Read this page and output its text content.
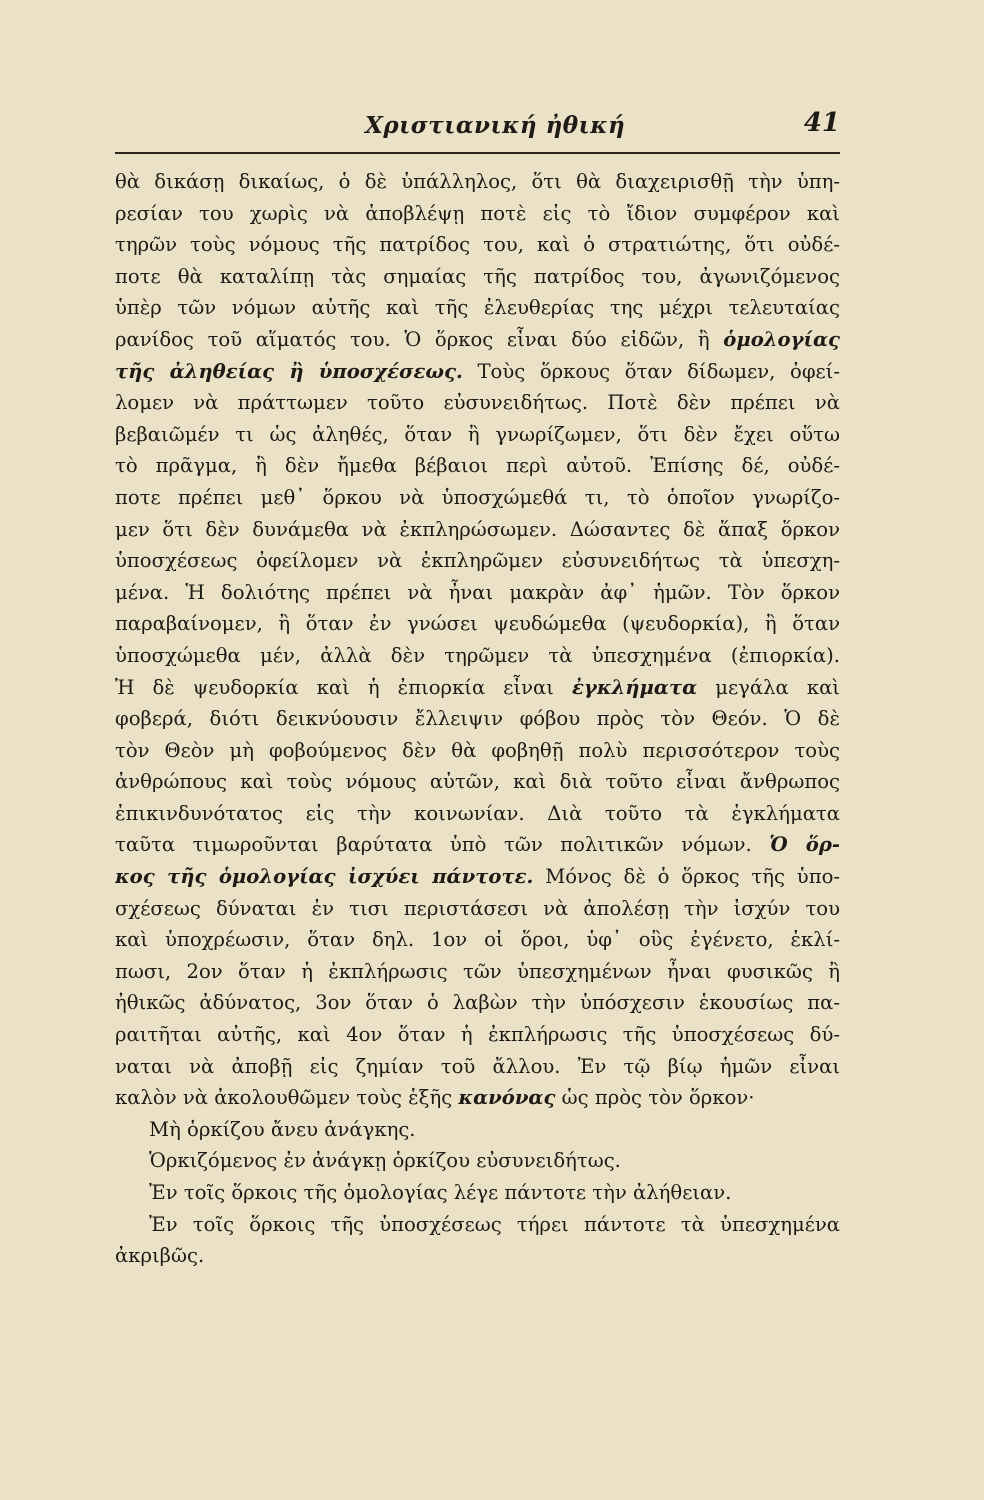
Χριστιανική ἠθική	41
θὰ δικάσῃ δικαίως, ὁ δὲ ὑπάλληλος, ὅτι θὰ διαχειρισθῇ τὴν ὑπη-
ρεσίαν του χωρὶς νὰ ἀποβλέψῃ ποτὲ εἰς τὸ ἴδιον συμφέρον καὶ
τηρῶν τοὺς νόμους τῆς πατρίδος του, καὶ ὁ στρατιώτης, ὅτι οὐδέ-
ποτε θὰ καταλίπῃ τὰς σημαίας τῆς πατρίδος του, ἀγωνιζόμενος
ὑπὲρ τῶν νόμων αὐτῆς καὶ τῆς ἐλευθερίας της μέχρι τελευταίας
ρανίδος τοῦ αἵματός του. Ὁ ὅρκος εἶναι δύο εἰδῶν, ἢ ὁμολογίας
τῆς ἀληθείας ἢ ὑποσχέσεως. Τοὺς ὅρκους ὅταν δίδωμεν, ὀφεί-
λομεν νὰ πράττωμεν τοῦτο εὐσυνειδήτως. Ποτὲ δὲν πρέπει νὰ
βεβαιῶμέν τι ὡς ἀληθές, ὅταν ἢ γνωρίζωμεν, ὅτι δὲν ἔχει οὕτω
τὸ πρᾶγμα, ἢ δὲν ἤμεθα βέβαιοι περὶ αὐτοῦ. Ἐπίσης δέ, οὐδέ-
ποτε πρέπει μεθ᾽ ὅρκου νὰ ὑποσχώμεθά τι, τὸ ὁποῖον γνωρίζο-
μεν ὅτι δὲν δυνάμεθα νὰ ἐκπληρώσωμεν. Δώσαντες δὲ ἅπαξ ὅρκον
ὑποσχέσεως ὀφείλομεν νὰ ἐκπληρῶμεν εὐσυνειδήτως τὰ ὑπεσχη-
μένα. Ἡ δολιότης πρέπει νὰ ἦναι μακρὰν ἀφ᾽ ἡμῶν. Τὸν ὅρκον
παραβαίνομεν, ἢ ὅταν ἐν γνώσει ψευδώμεθα (ψευδορκία), ἢ ὅταν
ὑποσχώμεθα μέν, ἀλλὰ δὲν τηρῶμεν τὰ ὑπεσχημένα (ἐπιορκία).
Ἡ δὲ ψευδορκία καὶ ἡ ἐπιορκία εἶναι ἐγκλήματα μεγάλα καὶ
φοβερά, διότι δεικνύουσιν ἔλλειψιν φόβου πρὸς τὸν Θεόν. Ὁ δὲ
τὸν Θεὸν μὴ φοβούμενος δὲν θὰ φοβηθῇ πολὺ περισσότερον τοὺς
ἀνθρώπους καὶ τοὺς νόμους αὐτῶν, καὶ διὰ τοῦτο εἶναι ἄνθρωπος
ἐπικινδυνότατος εἰς τὴν κοινωνίαν. Διὰ τοῦτο τὰ ἐγκλήματα
ταῦτα τιμωροῦνται βαρύτατα ὑπὸ τῶν πολιτικῶν νόμων. Ὁ ὅρ-
κος τῆς ὁμολογίας ἰσχύει πάντοτε. Μόνος δὲ ὁ ὅρκος τῆς ὑπο-
σχέσεως δύναται ἐν τισι περιστάσεσι νὰ ἀπολέσῃ τὴν ἰσχύν του
καὶ ὑποχρέωσιν, ὅταν δηλ. 1ον οἱ ὅροι, ὑφ᾽ οὓς ἐγένετο, ἐκλί-
πωσι, 2ον ὅταν ἡ ἐκπλήρωσις τῶν ὑπεσχημένων ἦναι φυσικῶς ἢ
ἠθικῶς ἀδύνατος, 3ον ὅταν ὁ λαβὼν τὴν ὑπόσχεσιν ἑκουσίως πα-
ραιτῆται αὐτῆς, καὶ 4ον ὅταν ἡ ἐκπλήρωσις τῆς ὑποσχέσεως δύ-
ναται νὰ ἀποβῇ εἰς ζημίαν τοῦ ἄλλου. Ἐν τῷ βίῳ ἡμῶν εἶναι
καλὸν νὰ ἀκολουθῶμεν τοὺς ἑξῆς κανόνας ὡς πρὸς τὸν ὅρκον·
Μὴ ὁρκίζου ἄνευ ἀνάγκης.
Ὁρκιζόμενος ἐν ἀνάγκῃ ὁρκίζου εὐσυνειδήτως.
Ἐν τοῖς ὅρκοις τῆς ὁμολογίας λέγε πάντοτε τὴν ἀλήθειαν.
Ἐν τοῖς ὅρκοις τῆς ὑποσχέσεως τήρει πάντοτε τὰ ὑπεσχημένα
ἀκριβῶς.
